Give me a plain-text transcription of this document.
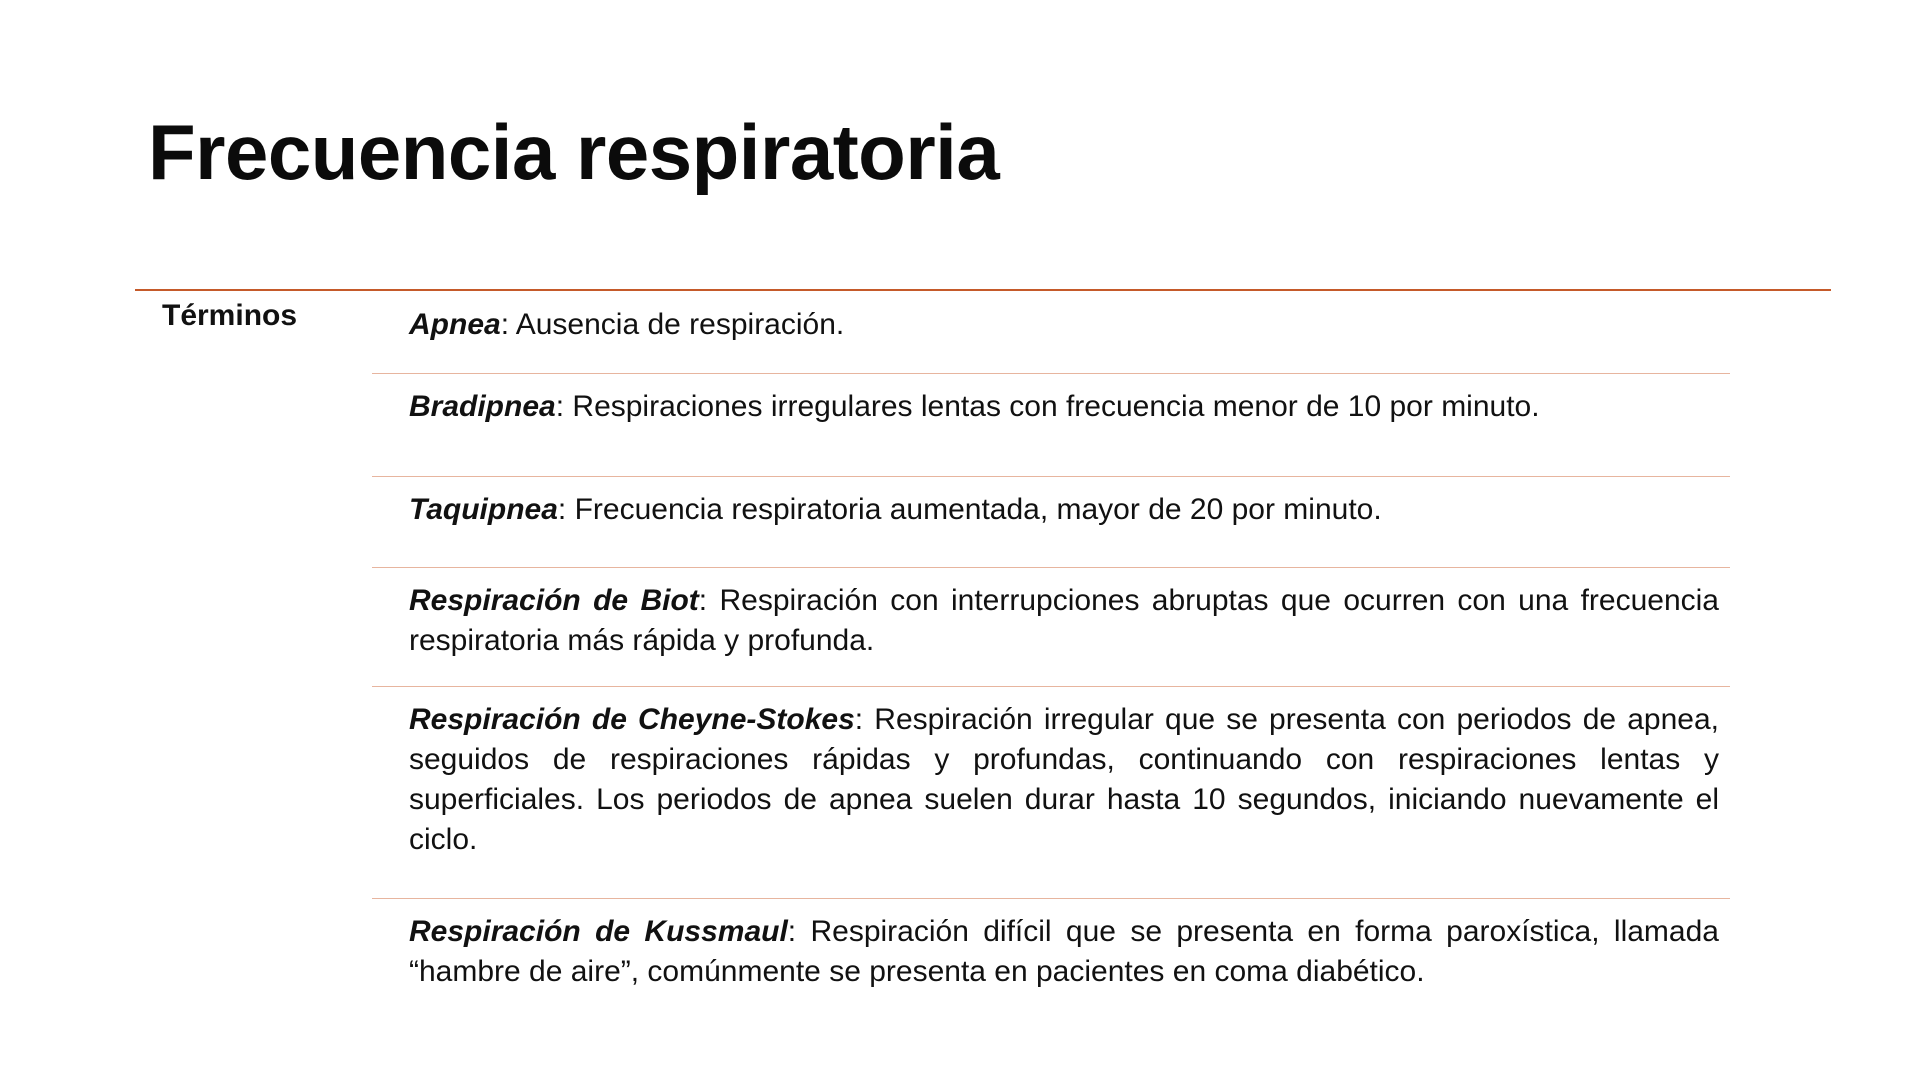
Frecuencia respiratoria
Términos	Apnea: Ausencia de respiración.

Bradipnea: Respiraciones irregulares lentas con frecuencia menor de 10 por minuto.

Taquipnea: Frecuencia respiratoria aumentada, mayor de 20 por minuto.

Respiración de Biot: Respiración con interrupciones abruptas que ocurren con una frecuencia respiratoria más rápida y profunda.

Respiración de Cheyne-Stokes: Respiración irregular que se presenta con periodos de apnea, seguidos de respiraciones rápidas y profundas, continuando con respiraciones lentas y superficiales. Los periodos de apnea suelen durar hasta 10 segundos, iniciando nuevamente el ciclo.

Respiración de Kussmaul: Respiración difícil que se presenta en forma paroxística, llamada “hambre de aire”, comúnmente se presenta en pacientes en coma diabético.
